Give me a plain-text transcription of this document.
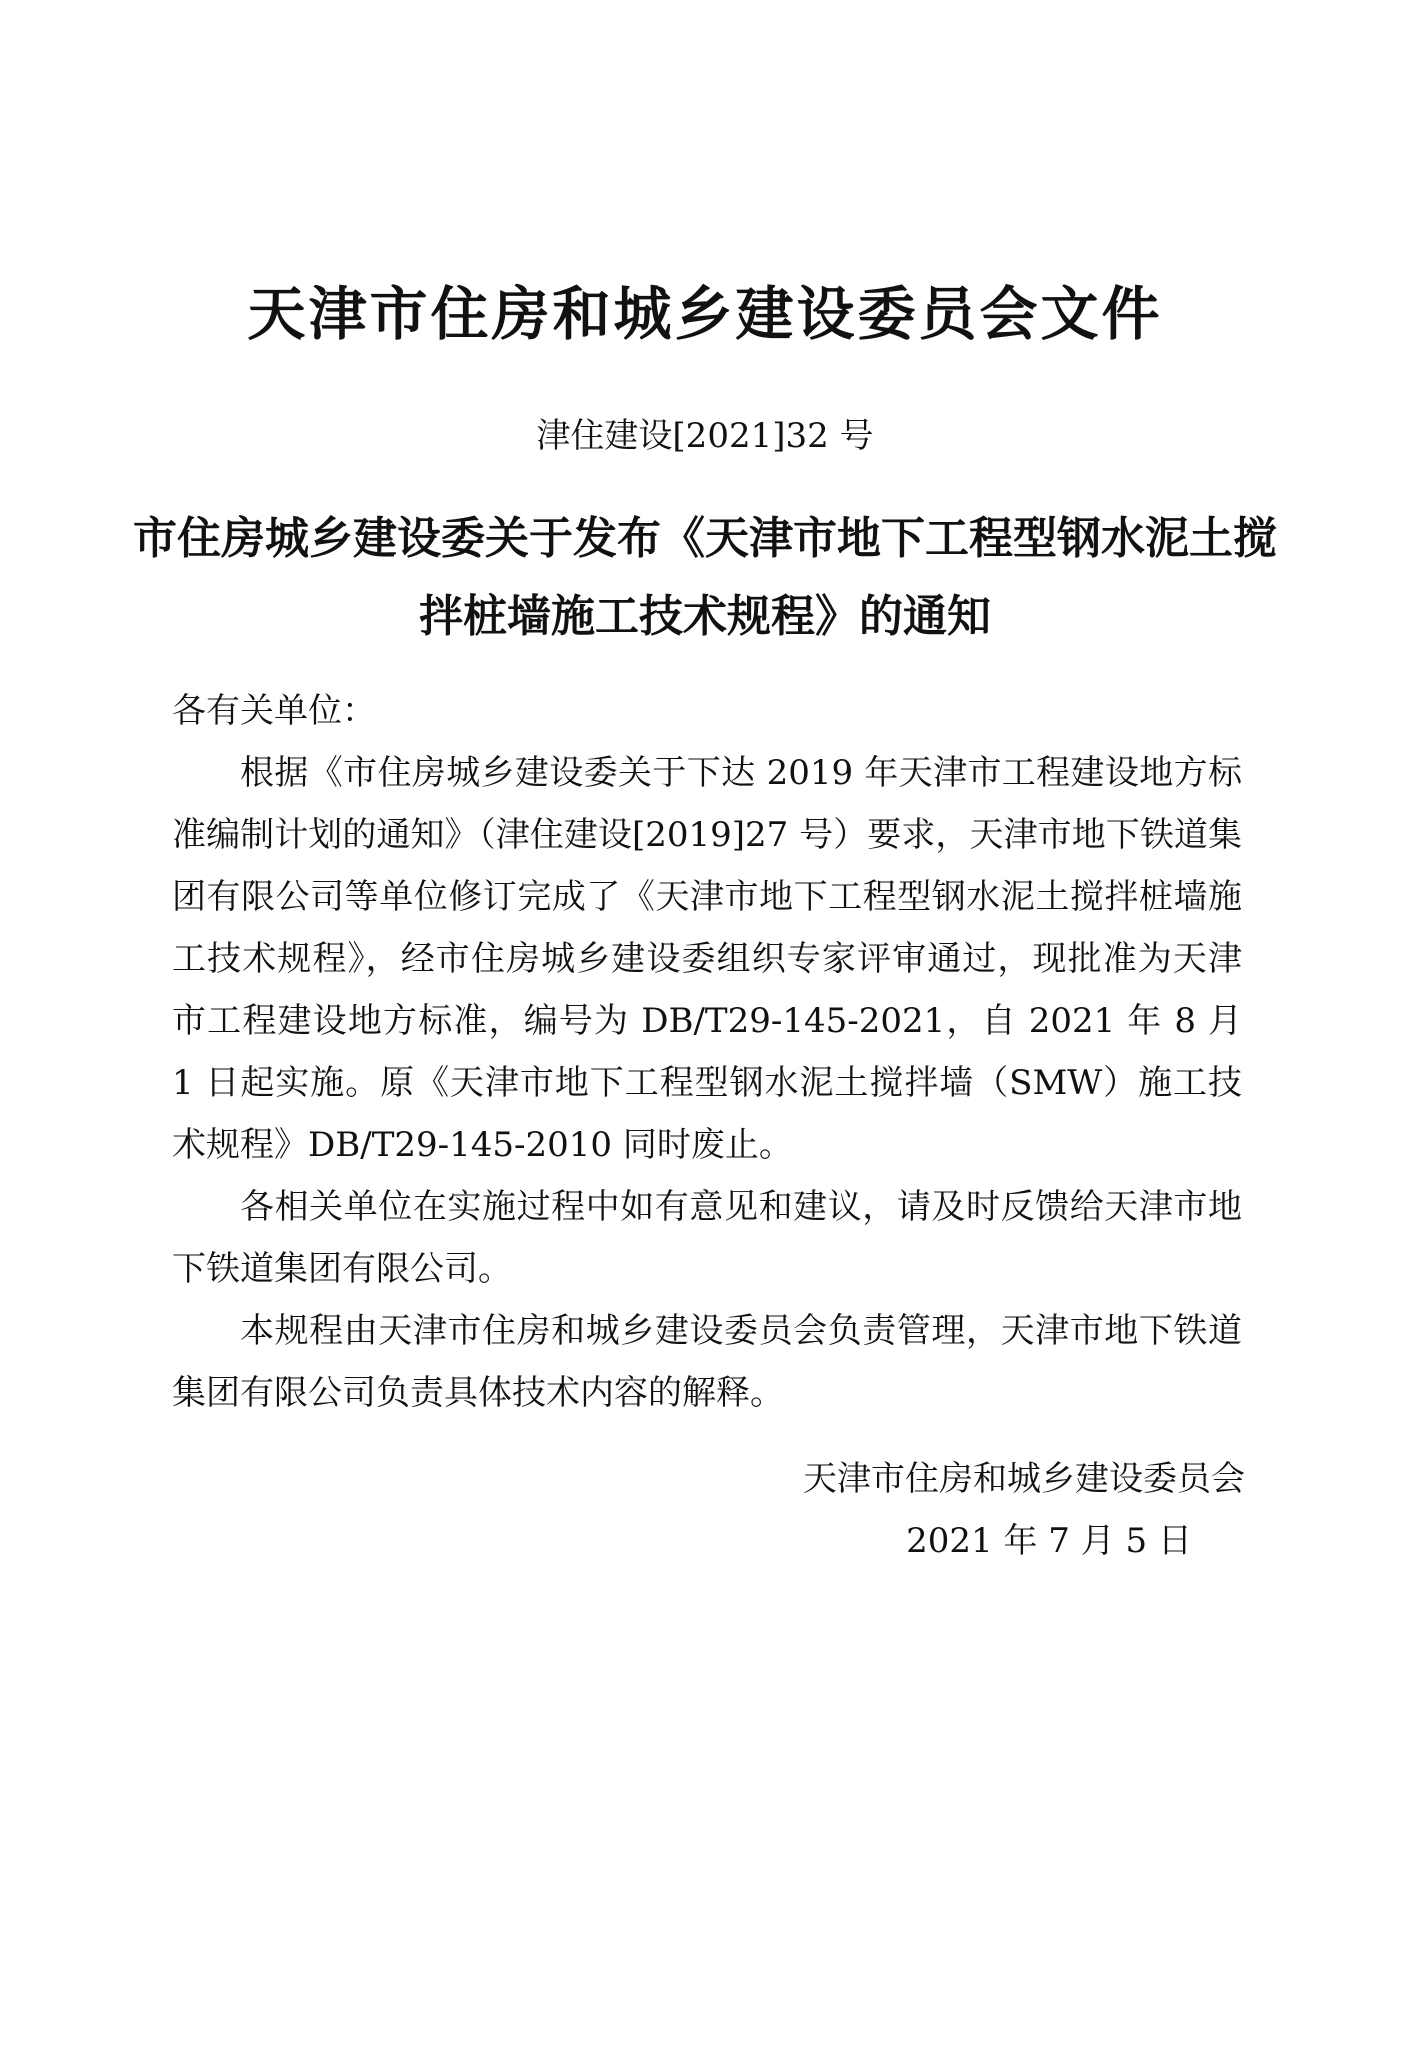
天津市住房和城乡建设委员会文件
津住建设[2021]32 号
市住房城乡建设委关于发布《天津市地下工程型钢水泥土搅拌桩墙施工技术规程》的通知

各有关单位：

根据《市住房城乡建设委关于下达 2019 年天津市工程建设地方标准编制计划的通知》（津住建设[2019]27 号）要求，天津市地下铁道集团有限公司等单位修订完成了《天津市地下工程型钢水泥土搅拌桩墙施工技术规程》，经市住房城乡建设委组织专家评审通过，现批准为天津市工程建设地方标准，编号为 DB/T29-145-2021，自 2021 年 8 月 1 日起实施。原《天津市地下工程型钢水泥土搅拌墙（SMW）施工技术规程》DB/T29-145-2010 同时废止。

各相关单位在实施过程中如有意见和建议，请及时反馈给天津市地下铁道集团有限公司。

本规程由天津市住房和城乡建设委员会负责管理，天津市地下铁道集团有限公司负责具体技术内容的解释。

天津市住房和城乡建设委员会
2021 年 7 月 5 日
